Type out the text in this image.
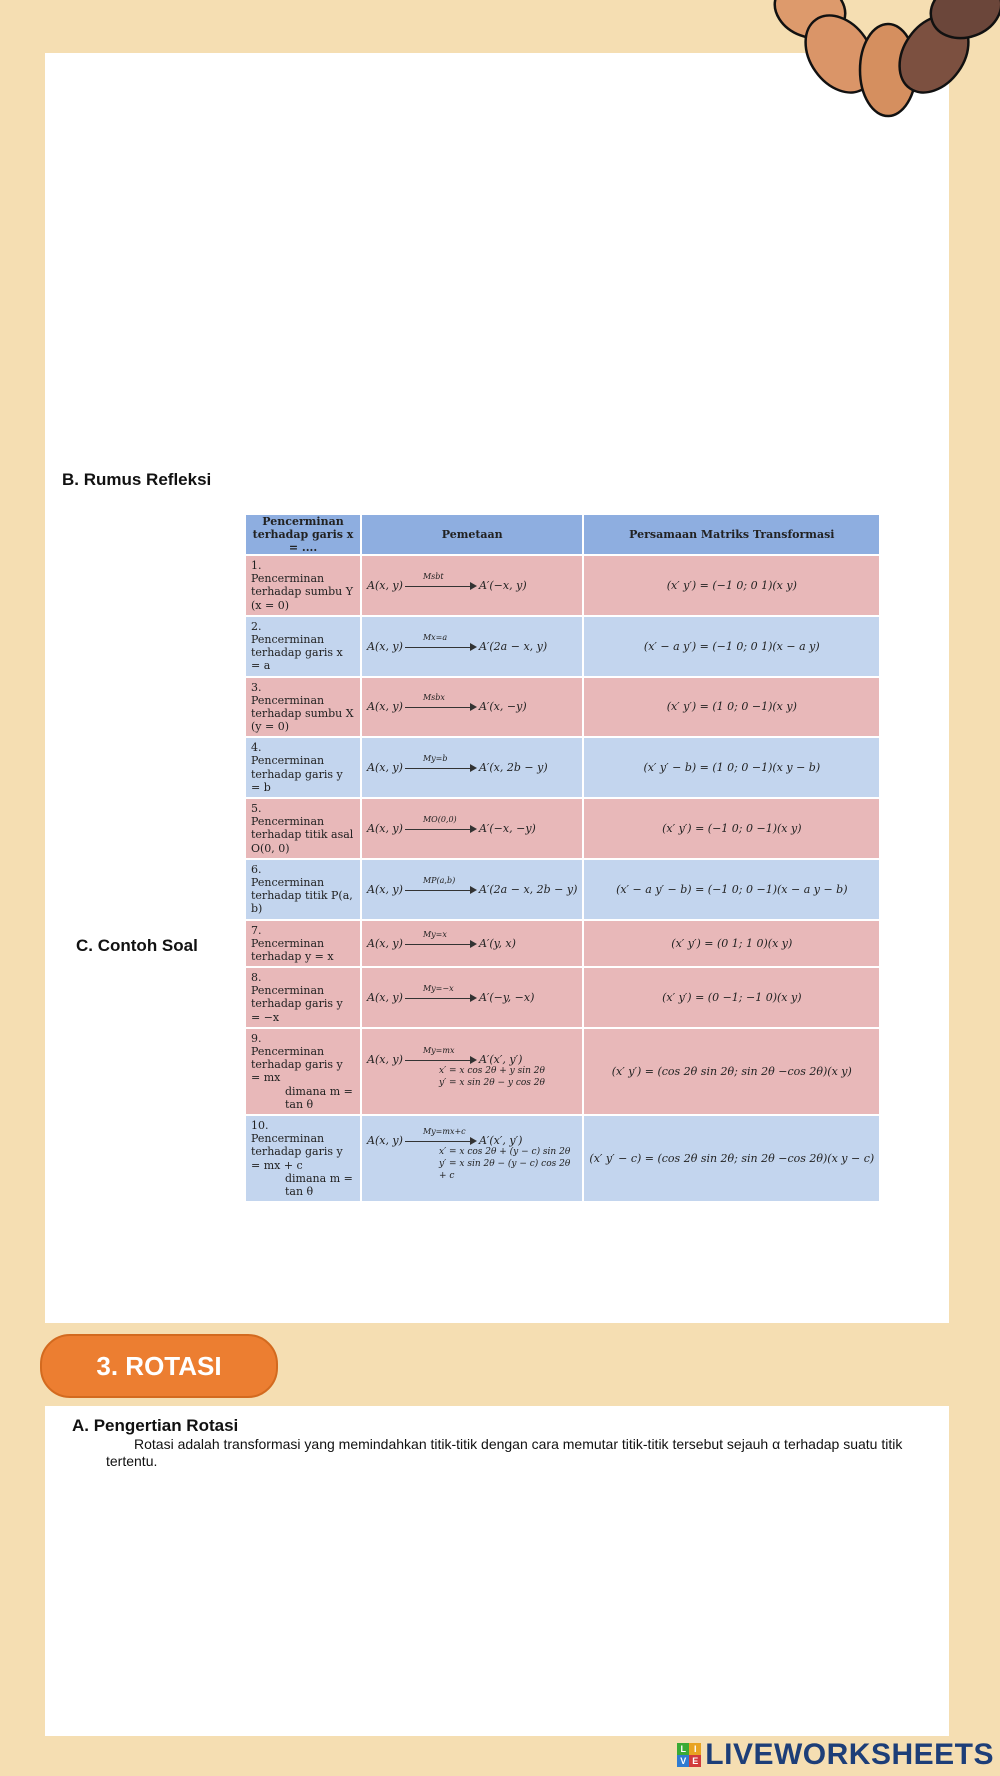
B. Rumus Refleksi
Pencerminan terhadap garis x = ....	Pemetaan	Persamaan Matriks Transformasi
1.Pencerminan terhadap sumbu Y (x = 0)	A(x, y)
Msbt
A′(−x, y)	(x′ y′) = (−1 0; 0 1)(x y)
2.Pencerminan terhadap garis x = a	A(x, y)
Mx=a
A′(2a − x, y)	(x′ − a y′) = (−1 0; 0 1)(x − a y)
3.Pencerminan terhadap sumbu X (y = 0)	A(x, y)
Msbx
A′(x, −y)	(x′ y′) = (1 0; 0 −1)(x y)
4.Pencerminan terhadap garis y = b	A(x, y)
My=b
A′(x, 2b − y)	(x′ y′ − b) = (1 0; 0 −1)(x y − b)
5.Pencerminan terhadap titik asal O(0, 0)	A(x, y)
MO(0,0)
A′(−x, −y)	(x′ y′) = (−1 0; 0 −1)(x y)
6.Pencerminan terhadap titik P(a, b)	A(x, y)
MP(a,b)
A′(2a − x, 2b − y)	(x′ − a y′ − b) = (−1 0; 0 −1)(x − a y − b)
7.Pencerminan terhadap y = x	A(x, y)
My=x
A′(y, x)	(x′ y′) = (0 1; 1 0)(x y)
8.Pencerminan terhadap garis y = −x	A(x, y)
My=−x
A′(−y, −x)	(x′ y′) = (0 −1; −1 0)(x y)
9.Pencerminan terhadap garis y = mx
dimana m = tan θ	A(x, y)
My=mx
A′(x′, y′)
x′ = x cos 2θ + y sin 2θ
y′ = x sin 2θ − y cos 2θ	(x′ y′) = (cos 2θ sin 2θ; sin 2θ −cos 2θ)(x y)
10.Pencerminan terhadap garis y = mx + c
dimana m = tan θ	A(x, y)
My=mx+c
A′(x′, y′)
x′ = x cos 2θ + (y − c) sin 2θ
y′ = x sin 2θ − (y − c) cos 2θ + c	(x′ y′ − c) = (cos 2θ sin 2θ; sin 2θ −cos 2θ)(x y − c)
C. Contoh Soal
3. ROTASI
A. Pengertian Rotasi

Rotasi adalah transformasi yang memindahkan titik-titik dengan cara memutar titik-titik tersebut sejauh α terhadap suatu titik tertentu.

L I
V E LIVEWORKSHEETS
